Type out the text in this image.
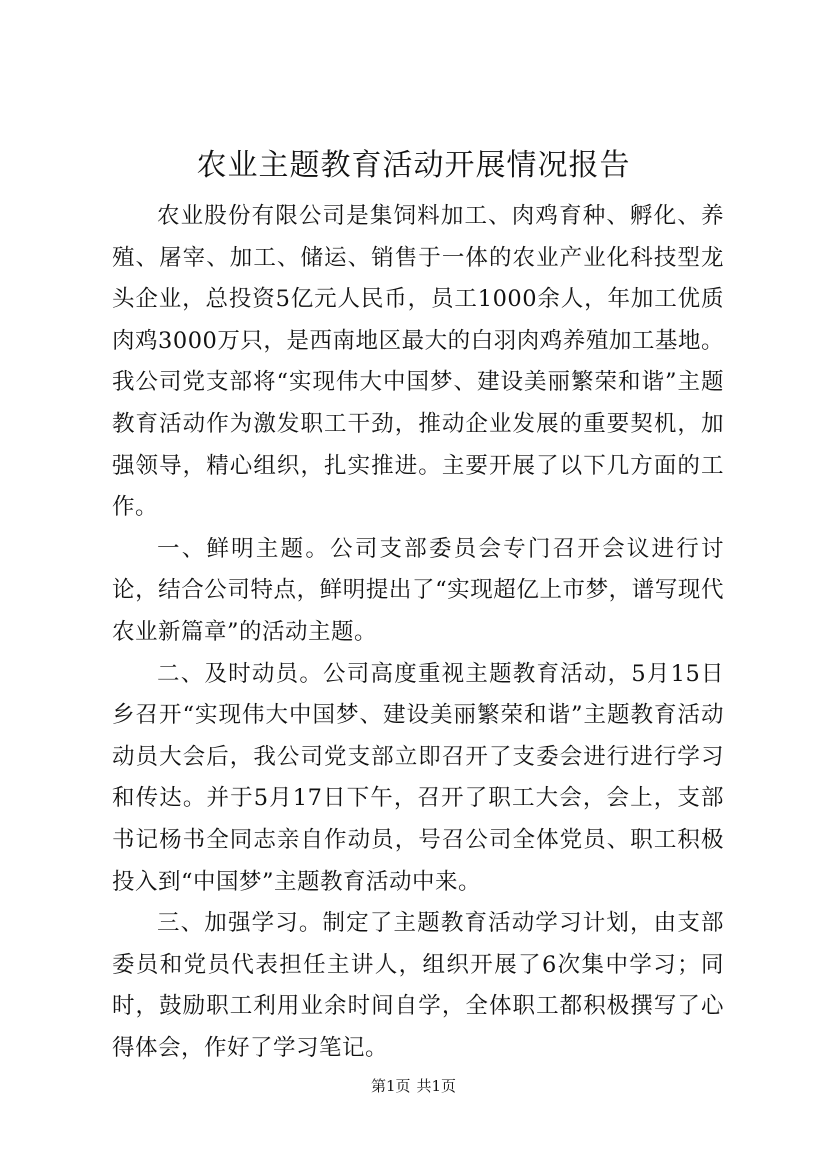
农业主题教育活动开展情况报告

农业股份有限公司是集饲料加工、肉鸡育种、孵化、养殖、屠宰、加工、储运、销售于一体的农业产业化科技型龙头企业，总投资5亿元人民币，员工1000余人，年加工优质肉鸡3000万只，是西南地区最大的白羽肉鸡养殖加工基地。我公司党支部将“实现伟大中国梦、建设美丽繁荣和谐”主题教育活动作为激发职工干劲，推动企业发展的重要契机，加强领导，精心组织，扎实推进。主要开展了以下几方面的工作。

一、鲜明主题。公司支部委员会专门召开会议进行讨论，结合公司特点，鲜明提出了“实现超亿上市梦，谱写现代农业新篇章”的活动主题。

二、及时动员。公司高度重视主题教育活动，5月15日乡召开“实现伟大中国梦、建设美丽繁荣和谐”主题教育活动动员大会后，我公司党支部立即召开了支委会进行进行学习和传达。并于5月17日下午，召开了职工大会，会上，支部书记杨书全同志亲自作动员，号召公司全体党员、职工积极投入到“中国梦”主题教育活动中来。

三、加强学习。制定了主题教育活动学习计划，由支部委员和党员代表担任主讲人，组织开展了6次集中学习；同时，鼓励职工利用业余时间自学，全体职工都积极撰写了心得体会，作好了学习笔记。

第1页 共1页
